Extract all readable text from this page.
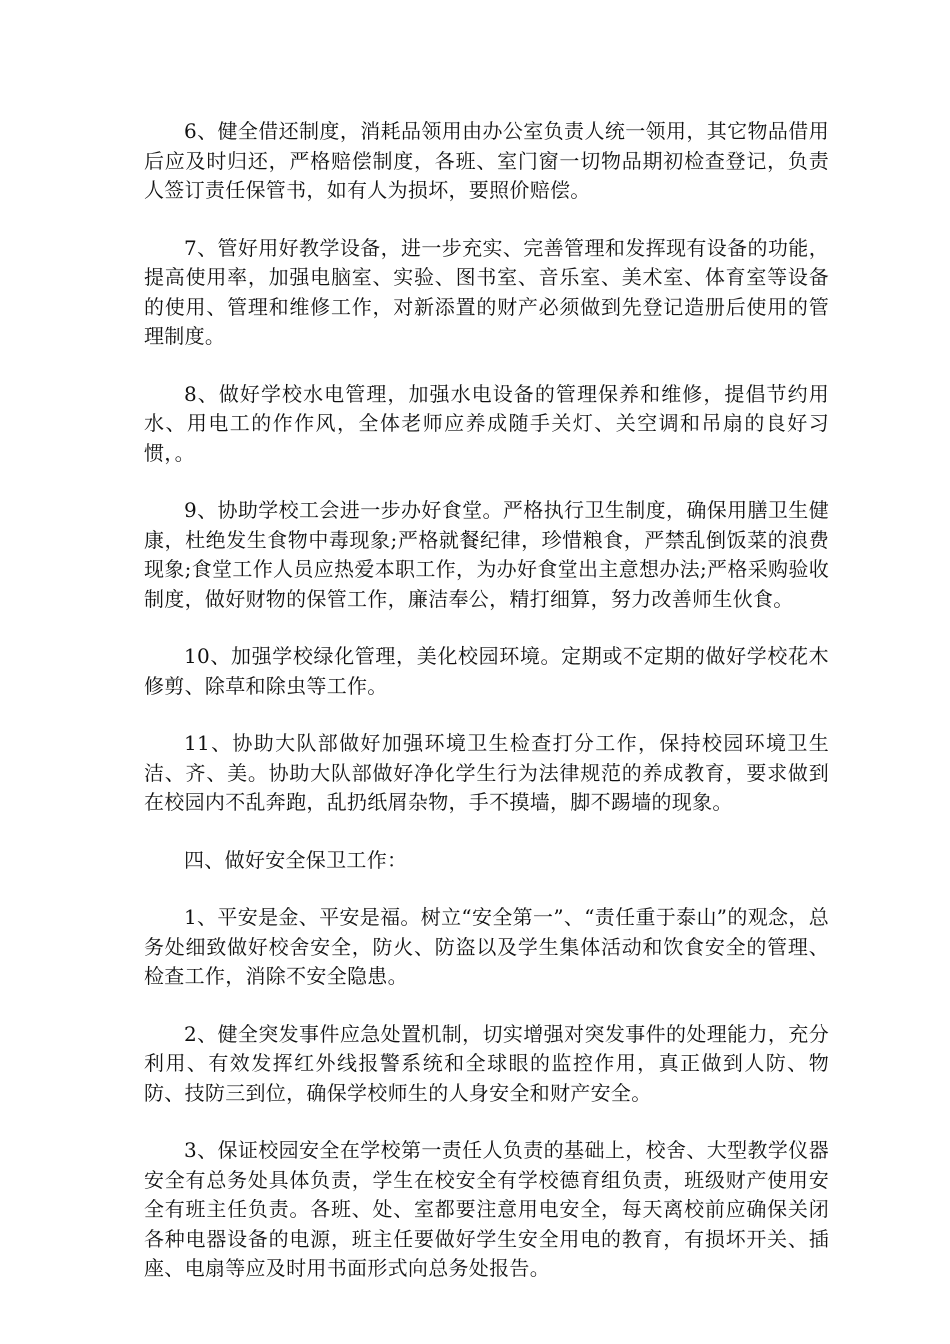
6、健全借还制度，消耗品领用由办公室负责人统一领用，其它物品借用后应及时归还，严格赔偿制度，各班、室门窗一切物品期初检查登记，负责人签订责任保管书，如有人为损坏，要照价赔偿。

7、管好用好教学设备，进一步充实、完善管理和发挥现有设备的功能，提高使用率，加强电脑室、实验、图书室、音乐室、美术室、体育室等设备的使用、管理和维修工作，对新添置的财产必须做到先登记造册后使用的管理制度。

8、做好学校水电管理，加强水电设备的管理保养和维修，提倡节约用水、用电工的作作风，全体老师应养成随手关灯、关空调和吊扇的良好习惯，。

9、协助学校工会进一步办好食堂。严格执行卫生制度，确保用膳卫生健康，杜绝发生食物中毒现象;严格就餐纪律，珍惜粮食，严禁乱倒饭菜的浪费现象;食堂工作人员应热爱本职工作，为办好食堂出主意想办法;严格采购验收制度，做好财物的保管工作，廉洁奉公，精打细算，努力改善师生伙食。

10、加强学校绿化管理，美化校园环境。定期或不定期的做好学校花木修剪、除草和除虫等工作。

11、协助大队部做好加强环境卫生检查打分工作，保持校园环境卫生洁、齐、美。协助大队部做好净化学生行为法律规范的养成教育，要求做到在校园内不乱奔跑，乱扔纸屑杂物，手不摸墙，脚不踢墙的现象。

四、做好安全保卫工作：

1、平安是金、平安是福。树立“安全第一”、“责任重于泰山”的观念，总务处细致做好校舍安全，防火、防盗以及学生集体活动和饮食安全的管理、检查工作，消除不安全隐患。

2、健全突发事件应急处置机制，切实增强对突发事件的处理能力，充分利用、有效发挥红外线报警系统和全球眼的监控作用，真正做到人防、物防、技防三到位，确保学校师生的人身安全和财产安全。

3、保证校园安全在学校第一责任人负责的基础上，校舍、大型教学仪器安全有总务处具体负责，学生在校安全有学校德育组负责，班级财产使用安全有班主任负责。各班、处、室都要注意用电安全，每天离校前应确保关闭各种电器设备的电源，班主任要做好学生安全用电的教育，有损坏开关、插座、电扇等应及时用书面形式向总务处报告。
